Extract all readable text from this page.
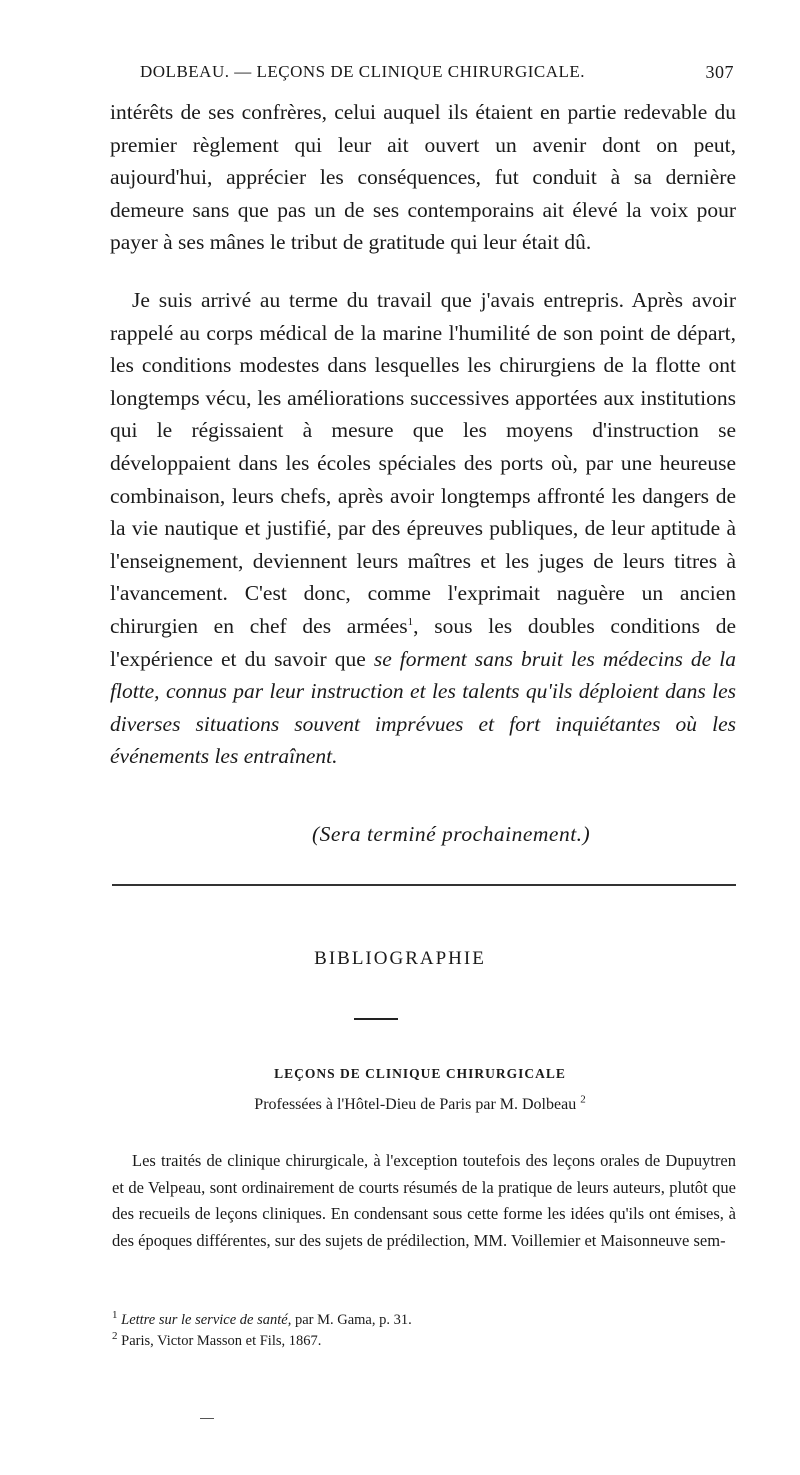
DOLBEAU. — LEÇONS DE CLINIQUE CHIRURGICALE.	307

intérêts de ses confrères, celui auquel ils étaient en partie redevable du premier règlement qui leur ait ouvert un avenir dont on peut, aujourd'hui, apprécier les conséquences, fut conduit à sa dernière demeure sans que pas un de ses contemporains ait élevé la voix pour payer à ses mânes le tribut de gratitude qui leur était dû.

Je suis arrivé au terme du travail que j'avais entrepris. Après avoir rappelé au corps médical de la marine l'humilité de son point de départ, les conditions modestes dans lesquelles les chirurgiens de la flotte ont longtemps vécu, les améliorations successives apportées aux institutions qui le régissaient à mesure que les moyens d'instruction se développaient dans les écoles spéciales des ports où, par une heureuse combinaison, leurs chefs, après avoir longtemps affronté les dangers de la vie nautique et justifié, par des épreuves publiques, de leur aptitude à l'enseignement, deviennent leurs maîtres et les juges de leurs titres à l'avancement. C'est donc, comme l'exprimait naguère un ancien chirurgien en chef des armées$^1$, sous les doubles conditions de l'expérience et du savoir que se forment sans bruit les médecins de la flotte, connus par leur instruction et les talents qu'ils déploient dans les diverses situations souvent imprévues et fort inquiétantes où les événements les entraînent.

(Sera terminé prochainement.)
BIBLIOGRAPHIE
LEÇONS DE CLINIQUE CHIRURGICALE
Professées à l'Hôtel-Dieu de Paris par M. Dolbeau $^2$

Les traités de clinique chirurgicale, à l'exception toutefois des leçons orales de Dupuytren et de Velpeau, sont ordinairement de courts résumés de la pratique de leurs auteurs, plutôt que des recueils de leçons cliniques. En condensant sous cette forme les idées qu'ils ont émises, à des époques différentes, sur des sujets de prédilection, MM. Voillemier et Maisonneuve sem-

$^1$ Lettre sur le service de santé, par M. Gama, p. 31.
$^2$ Paris, Victor Masson et Fils, 1867.
